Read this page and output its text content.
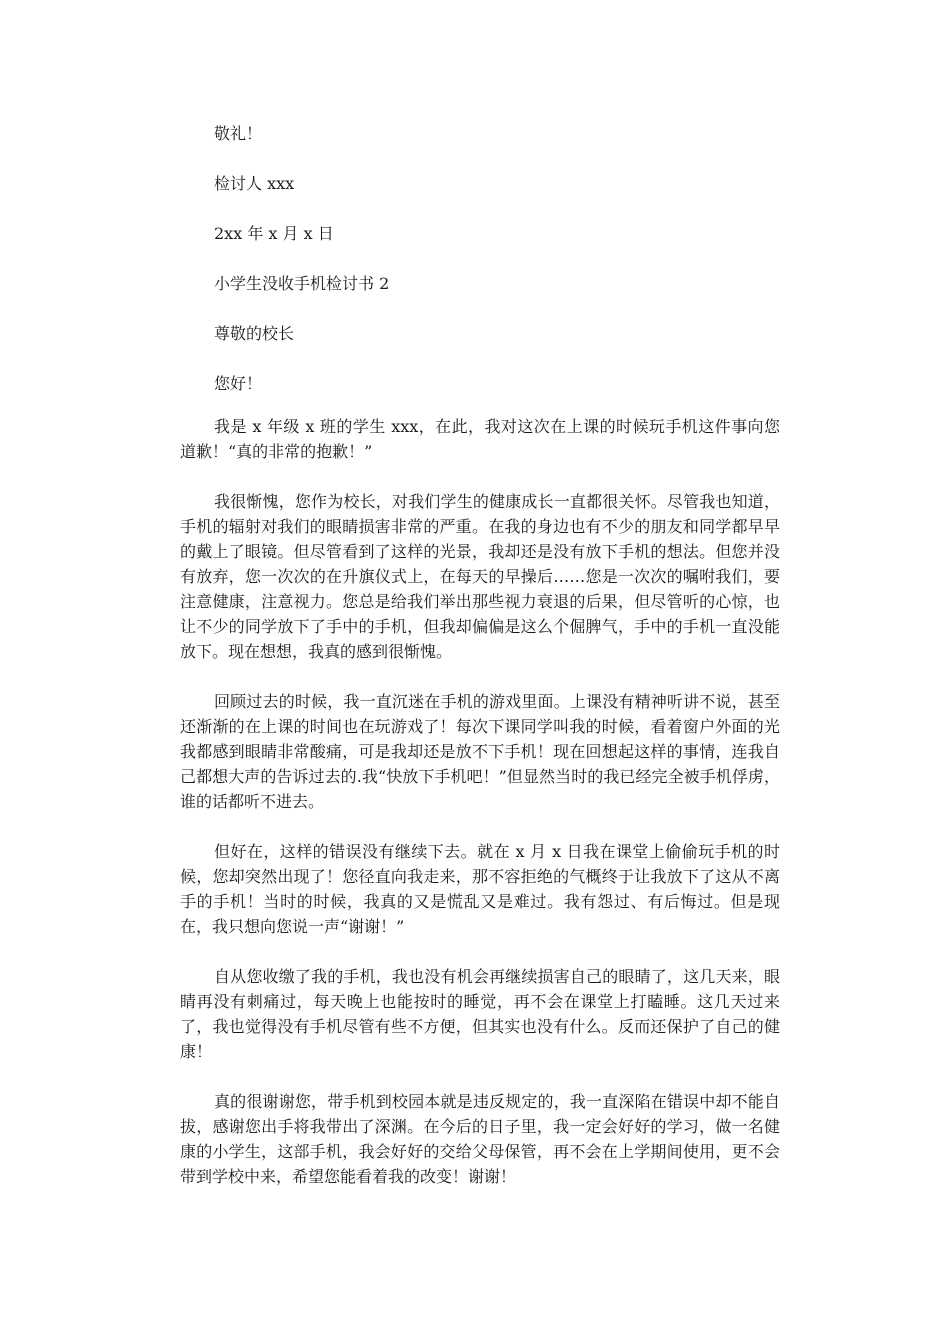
敬礼！
检讨人 xxx
2xx 年 x 月 x 日
小学生没收手机检讨书 2
尊敬的校长
您好！

我是 x 年级 x 班的学生 xxx，在此，我对这次在上课的时候玩手机这件事向您道歉！“真的非常的抱歉！”

我很惭愧，您作为校长，对我们学生的健康成长一直都很关怀。尽管我也知道，手机的辐射对我们的眼睛损害非常的严重。在我的身边也有不少的朋友和同学都早早的戴上了眼镜。但尽管看到了这样的光景，我却还是没有放下手机的想法。但您并没有放弃，您一次次的在升旗仪式上，在每天的早操后……您是一次次的嘱咐我们，要注意健康，注意视力。您总是给我们举出那些视力衰退的后果，但尽管听的心惊，也让不少的同学放下了手中的手机，但我却偏偏是这么个倔脾气，手中的手机一直没能放下。现在想想，我真的感到很惭愧。

回顾过去的时候，我一直沉迷在手机的游戏里面。上课没有精神听讲不说，甚至还渐渐的在上课的时间也在玩游戏了！每次下课同学叫我的时候，看着窗户外面的光我都感到眼睛非常酸痛，可是我却还是放不下手机！现在回想起这样的事情，连我自己都想大声的告诉过去的.我“快放下手机吧！”但显然当时的我已经完全被手机俘虏，谁的话都听不进去。

但好在，这样的错误没有继续下去。就在 x 月 x 日我在课堂上偷偷玩手机的时候，您却突然出现了！您径直向我走来，那不容拒绝的气概终于让我放下了这从不离手的手机！当时的时候，我真的又是慌乱又是难过。我有怨过、有后悔过。但是现在，我只想向您说一声“谢谢！”

自从您收缴了我的手机，我也没有机会再继续损害自己的眼睛了，这几天来，眼睛再没有刺痛过，每天晚上也能按时的睡觉，再不会在课堂上打瞌睡。这几天过来了，我也觉得没有手机尽管有些不方便，但其实也没有什么。反而还保护了自己的健康！

真的很谢谢您，带手机到校园本就是违反规定的，我一直深陷在错误中却不能自拔，感谢您出手将我带出了深渊。在今后的日子里，我一定会好好的学习，做一名健康的小学生，这部手机，我会好好的交给父母保管，再不会在上学期间使用，更不会带到学校中来，希望您能看着我的改变！谢谢！
